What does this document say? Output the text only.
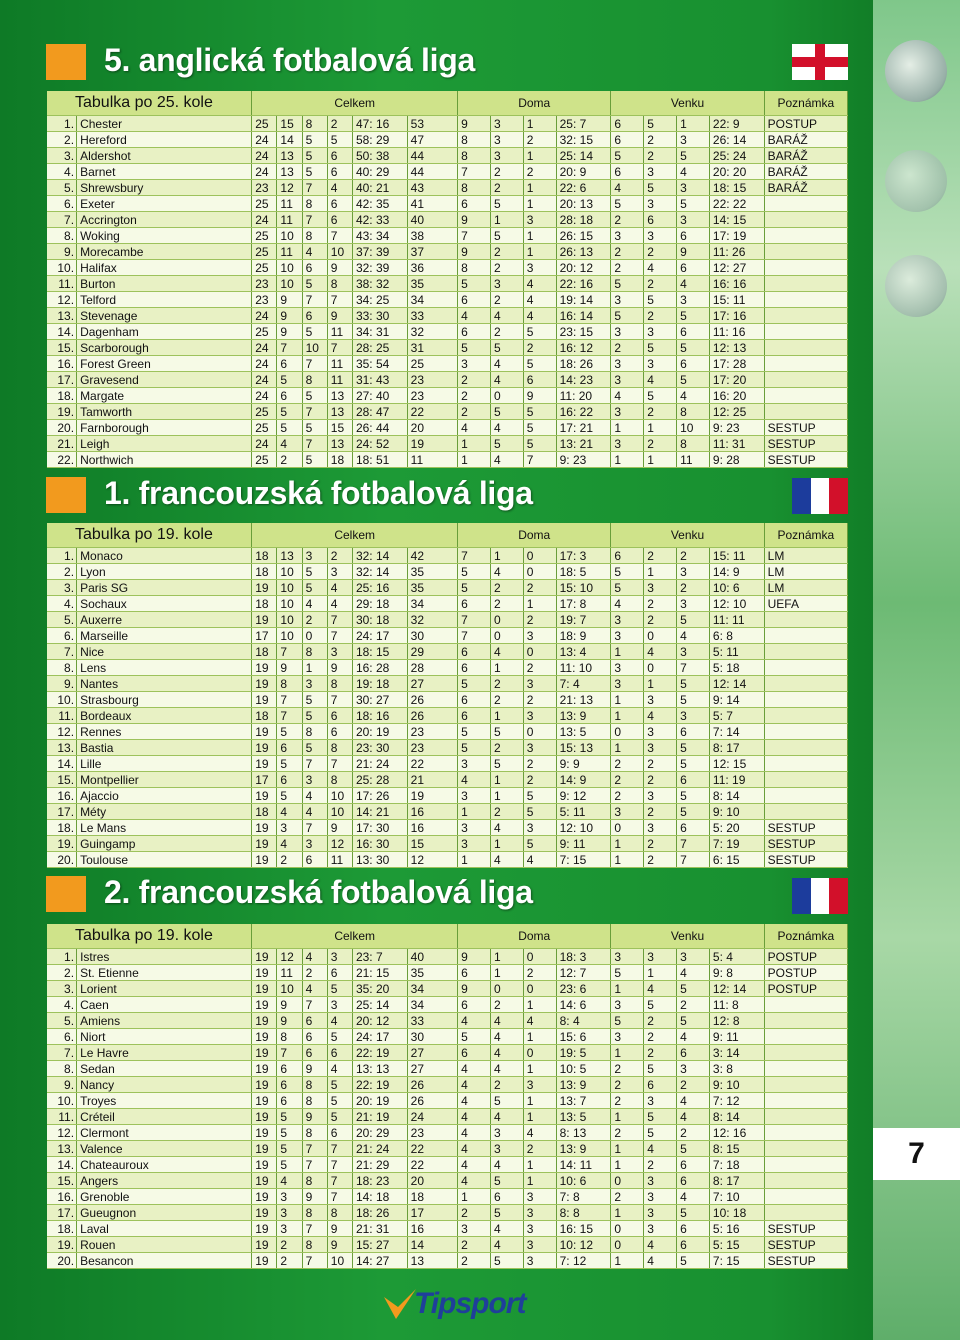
7
5. anglická fotbalová liga
Tabulka po 25. kole		Celkem						Doma				Venku				Poznámka
1.	Chester	25	15	8	2	47: 16	53	9	3	1	25: 7	6	5	1	22: 9	POSTUP
2.	Hereford	24	14	5	5	58: 29	47	8	3	2	32: 15	6	2	3	26: 14	BARÁŽ
3.	Aldershot	24	13	5	6	50: 38	44	8	3	1	25: 14	5	2	5	25: 24	BARÁŽ
4.	Barnet	24	13	5	6	40: 29	44	7	2	2	20: 9	6	3	4	20: 20	BARÁŽ
5.	Shrewsbury	23	12	7	4	40: 21	43	8	2	1	22: 6	4	5	3	18: 15	BARÁŽ
6.	Exeter	25	11	8	6	42: 35	41	6	5	1	20: 13	5	3	5	22: 22	
7.	Accrington	24	11	7	6	42: 33	40	9	1	3	28: 18	2	6	3	14: 15	
8.	Woking	25	10	8	7	43: 34	38	7	5	1	26: 15	3	3	6	17: 19	
9.	Morecambe	25	11	4	10	37: 39	37	9	2	1	26: 13	2	2	9	11: 26	
10.	Halifax	25	10	6	9	32: 39	36	8	2	3	20: 12	2	4	6	12: 27	
11.	Burton	23	10	5	8	38: 32	35	5	3	4	22: 16	5	2	4	16: 16	
12.	Telford	23	9	7	7	34: 25	34	6	2	4	19: 14	3	5	3	15: 11	
13.	Stevenage	24	9	6	9	33: 30	33	4	4	4	16: 14	5	2	5	17: 16	
14.	Dagenham	25	9	5	11	34: 31	32	6	2	5	23: 15	3	3	6	11: 16	
15.	Scarborough	24	7	10	7	28: 25	31	5	5	2	16: 12	2	5	5	12: 13	
16.	Forest Green	24	6	7	11	35: 54	25	3	4	5	18: 26	3	3	6	17: 28	
17.	Gravesend	24	5	8	11	31: 43	23	2	4	6	14: 23	3	4	5	17: 20	
18.	Margate	24	6	5	13	27: 40	23	2	0	9	11: 20	4	5	4	16: 20	
19.	Tamworth	25	5	7	13	28: 47	22	2	5	5	16: 22	3	2	8	12: 25	
20.	Farnborough	25	5	5	15	26: 44	20	4	4	5	17: 21	1	1	10	9: 23	SESTUP
21.	Leigh	24	4	7	13	24: 52	19	1	5	5	13: 21	3	2	8	11: 31	SESTUP
22.	Northwich	25	2	5	18	18: 51	11	1	4	7	9: 23	1	1	11	9: 28	SESTUP
1. francouzská fotbalová liga
Tabulka po 19. kole		Celkem						Doma				Venku				Poznámka
1.	Monaco	18	13	3	2	32: 14	42	7	1	0	17: 3	6	2	2	15: 11	LM
2.	Lyon	18	10	5	3	32: 14	35	5	4	0	18: 5	5	1	3	14: 9	LM
3.	Paris SG	19	10	5	4	25: 16	35	5	2	2	15: 10	5	3	2	10: 6	LM
4.	Sochaux	18	10	4	4	29: 18	34	6	2	1	17: 8	4	2	3	12: 10	UEFA
5.	Auxerre	19	10	2	7	30: 18	32	7	0	2	19: 7	3	2	5	11: 11	
6.	Marseille	17	10	0	7	24: 17	30	7	0	3	18: 9	3	0	4	6: 8	
7.	Nice	18	7	8	3	18: 15	29	6	4	0	13: 4	1	4	3	5: 11	
8.	Lens	19	9	1	9	16: 28	28	6	1	2	11: 10	3	0	7	5: 18	
9.	Nantes	19	8	3	8	19: 18	27	5	2	3	7: 4	3	1	5	12: 14	
10.	Strasbourg	19	7	5	7	30: 27	26	6	2	2	21: 13	1	3	5	9: 14	
11.	Bordeaux	18	7	5	6	18: 16	26	6	1	3	13: 9	1	4	3	5: 7	
12.	Rennes	19	5	8	6	20: 19	23	5	5	0	13: 5	0	3	6	7: 14	
13.	Bastia	19	6	5	8	23: 30	23	5	2	3	15: 13	1	3	5	8: 17	
14.	Lille	19	5	7	7	21: 24	22	3	5	2	9: 9	2	2	5	12: 15	
15.	Montpellier	17	6	3	8	25: 28	21	4	1	2	14: 9	2	2	6	11: 19	
16.	Ajaccio	19	5	4	10	17: 26	19	3	1	5	9: 12	2	3	5	8: 14	
17.	Méty	18	4	4	10	14: 21	16	1	2	5	5: 11	3	2	5	9: 10	
18.	Le Mans	19	3	7	9	17: 30	16	3	4	3	12: 10	0	3	6	5: 20	SESTUP
19.	Guingamp	19	4	3	12	16: 30	15	3	1	5	9: 11	1	2	7	7: 19	SESTUP
20.	Toulouse	19	2	6	11	13: 30	12	1	4	4	7: 15	1	2	7	6: 15	SESTUP
2. francouzská fotbalová liga
Tabulka po 19. kole		Celkem						Doma				Venku				Poznámka
1.	Istres	19	12	4	3	23: 7	40	9	1	0	18: 3	3	3	3	5: 4	POSTUP
2.	St. Etienne	19	11	2	6	21: 15	35	6	1	2	12: 7	5	1	4	9: 8	POSTUP
3.	Lorient	19	10	4	5	35: 20	34	9	0	0	23: 6	1	4	5	12: 14	POSTUP
4.	Caen	19	9	7	3	25: 14	34	6	2	1	14: 6	3	5	2	11: 8	
5.	Amiens	19	9	6	4	20: 12	33	4	4	4	8: 4	5	2	5	12: 8	
6.	Niort	19	8	6	5	24: 17	30	5	4	1	15: 6	3	2	4	9: 11	
7.	Le Havre	19	7	6	6	22: 19	27	6	4	0	19: 5	1	2	6	3: 14	
8.	Sedan	19	6	9	4	13: 13	27	4	4	1	10: 5	2	5	3	3: 8	
9.	Nancy	19	6	8	5	22: 19	26	4	2	3	13: 9	2	6	2	9: 10	
10.	Troyes	19	6	8	5	20: 19	26	4	5	1	13: 7	2	3	4	7: 12	
11.	Créteil	19	5	9	5	21: 19	24	4	4	1	13: 5	1	5	4	8: 14	
12.	Clermont	19	5	8	6	20: 29	23	4	3	4	8: 13	2	5	2	12: 16	
13.	Valence	19	5	7	7	21: 24	22	4	3	2	13: 9	1	4	5	8: 15	
14.	Chateauroux	19	5	7	7	21: 29	22	4	4	1	14: 11	1	2	6	7: 18	
15.	Angers	19	4	8	7	18: 23	20	4	5	1	10: 6	0	3	6	8: 17	
16.	Grenoble	19	3	9	7	14: 18	18	1	6	3	7: 8	2	3	4	7: 10	
17.	Gueugnon	19	3	8	8	18: 26	17	2	5	3	8: 8	1	3	5	10: 18	
18.	Laval	19	3	7	9	21: 31	16	3	4	3	16: 15	0	3	6	5: 16	SESTUP
19.	Rouen	19	2	8	9	15: 27	14	2	4	3	10: 12	0	4	6	5: 15	SESTUP
20.	Besancon	19	2	7	10	14: 27	13	2	5	3	7: 12	1	4	5	7: 15	SESTUP
Tipsport
